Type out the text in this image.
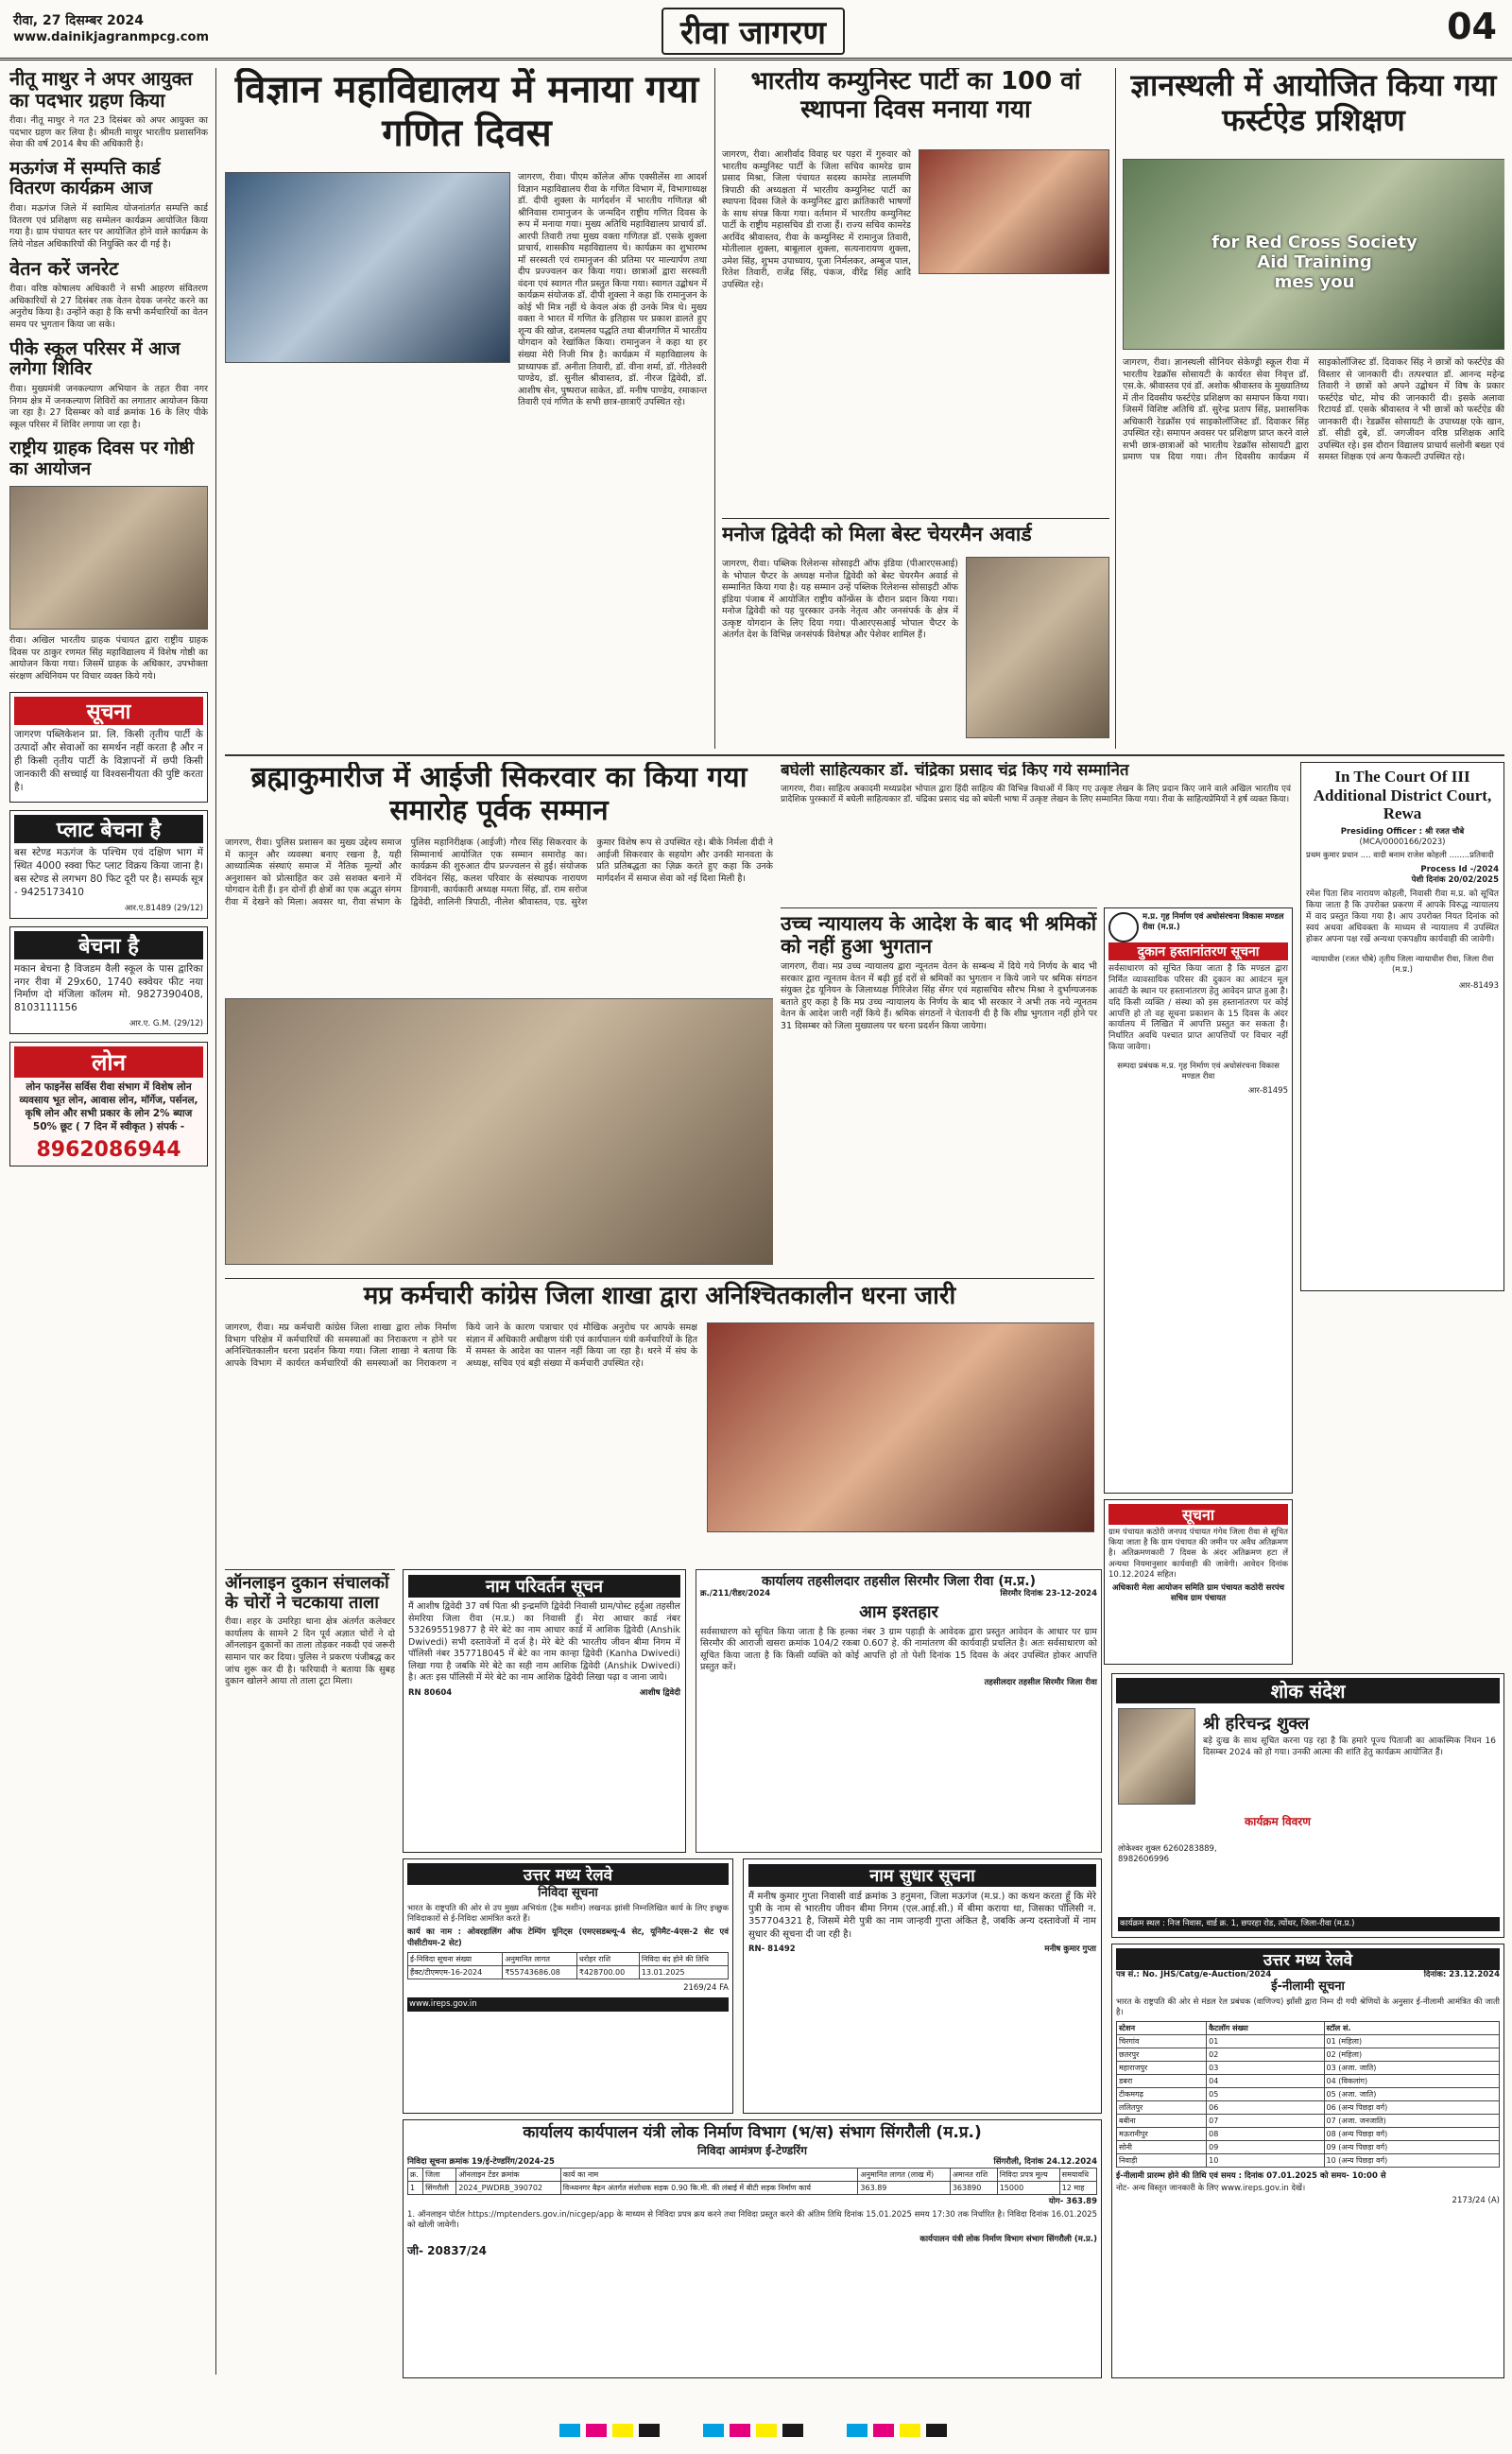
रीवा, 27 दिसम्बर 2024
www.dainikjagranmpcg.com	रीवा जागरण	04
नीतू माथुर ने अपर आयुक्त का पदभार ग्रहण किया

रीवा। नीतू माथुर ने गत 23 दिसंबर को अपर आयुक्त का पदभार ग्रहण कर लिया है। श्रीमती माथुर भारतीय प्रशासनिक सेवा की वर्ष 2014 बैच की अधिकारी है।

मऊगंज में सम्पत्ति कार्ड वितरण कार्यक्रम आज

रीवा। मऊगंज जिले में स्वामित्व योजनांतर्गत सम्पत्ति कार्ड वितरण एवं प्रशिक्षण सह सम्मेलन कार्यक्रम आयोजित किया गया है। ग्राम पंचायत स्तर पर आयोजित होने वाले कार्यक्रम के लिये नोडल अधिकारियों की नियुक्ति कर दी गई है।

वेतन करें जनरेट

रीवा। वरिष्ठ कोषालय अधिकारी ने सभी आहरण संवितरण अधिकारियों से 27 दिसंबर तक वेतन देयक जनरेट करने का अनुरोध किया है। उन्होंने कहा है कि सभी कर्मचारियों का वेतन समय पर भुगतान किया जा सके।

पीके स्कूल परिसर में आज लगेगा शिविर

रीवा। मुख्यमंत्री जनकल्याण अभियान के तहत रीवा नगर निगम क्षेत्र में जनकल्याण शिविरों का लगातार आयोजन किया जा रहा है। 27 दिसम्बर को वार्ड क्रमांक 16 के लिए पीके स्कूल परिसर में शिविर लगाया जा रहा है।

राष्ट्रीय ग्राहक दिवस पर गोष्ठी का आयोजन

रीवा। अखिल भारतीय ग्राहक पंचायत द्वारा राष्ट्रीय ग्राहक दिवस पर ठाकुर रणमत सिंह महाविद्यालय में विशेष गोष्ठी का आयोजन किया गया। जिसमें ग्राहक के अधिकार, उपभोक्ता संरक्षण अधिनियम पर विचार व्यक्त किये गये।

सूचना

जागरण पब्लिकेशन प्रा. लि. किसी तृतीय पार्टी के उत्पादों और सेवाओं का समर्थन नहीं करता है और न ही किसी तृतीय पार्टी के विज्ञापनों में छपी किसी जानकारी की सच्चाई या विश्वसनीयता की पुष्टि करता है।

प्लाट बेचना है

बस स्टेण्ड मऊगंज के पश्चिम एवं दक्षिण भाग में स्थित 4000 स्क्वा फिट प्लाट विक्रय किया जाना है। बस स्टेण्ड से लगभग 80 फिट दूरी पर है। सम्पर्क सूत्र - 9425173410

आर.ए.81489 (29/12)
बेचना है

मकान बेचना है विजडम वैली स्कूल के पास द्वारिका नगर रीवा में 29x60, 1740 स्क्वेयर फीट नया निर्माण दो मंजिला कॉलम मो. 9827390408, 8103111156

आर.ए. G.M. (29/12)
लोन

लोन फाइनेंस सर्विस रीवा संभाग में विशेष लोन व्यवसाय भूत लोन, आवास लोन, मॉर्गेज, पर्सनल, कृषि लोन और सभी प्रकार के लोन 2% ब्याज 50% छूट ( 7 दिन में स्वीकृत ) संपर्क -

8962086944
विज्ञान महाविद्यालय में मनाया गया गणित दिवस

जागरण, रीवा। पीएम कॉलेज ऑफ एक्सीलेंस शा आदर्श विज्ञान महाविद्यालय रीवा के गणित विभाग में, विभागाध्यक्ष डॉ. दीपी शुक्ला के मार्गदर्शन में भारतीय गणितज्ञ श्री श्रीनिवास रामानुजन के जन्मदिन राष्ट्रीय गणित दिवस के रूप में मनाया गया। मुख्य अतिथि महाविद्यालय प्राचार्य डॉ. आरपी तिवारी तथा मुख्य वक्ता गणितज्ञ डॉ. एसके शुक्ला प्राचार्य, शासकीय महाविद्यालय थे। कार्यक्रम का शुभारम्भ माँ सरस्वती एवं रामानुजन की प्रतिमा पर माल्यार्पण तथा दीप प्रज्ज्वलन कर किया गया। छात्राओं द्वारा सरस्वती वंदना एवं स्वागत गीत प्रस्तुत किया गया। स्वागत उद्बोधन में कार्यक्रम संयोजक डॉ. दीपी शुक्ला ने कहा कि रामानुजन के कोई भी मित्र नहीं थे केवल अंक ही उनके मित्र थे। मुख्य वक्ता ने भारत में गणित के इतिहास पर प्रकाश डालते हुए शून्य की खोज, दशमलव पद्धति तथा बीजगणित में भारतीय योगदान को रेखांकित किया। रामानुजन ने कहा था हर संख्या मेरी निजी मित्र है। कार्यक्रम में महाविद्यालय के प्राध्यापक डॉ. अनीता तिवारी, डॉ. वीना शर्मा, डॉ. गीतेश्वरी पाण्डेय, डॉ. सुनील श्रीवास्तव, डॉ. नीरज द्विवेदी, डॉ. आशीष सेन, पुष्पराज साकेत, डॉ. मनीष पाण्डेय, रमाकान्त तिवारी एवं गणित के सभी छात्र-छात्राएँ उपस्थित रहे।

भारतीय कम्युनिस्ट पार्टी का 100 वां स्थापना दिवस मनाया गया

जागरण, रीवा। आशीर्वाद विवाह घर पड़रा में गुरुवार को भारतीय कम्युनिस्ट पार्टी के जिला सचिव कामरेड ग्राम प्रसाद मिश्रा, जिला पंचायत सदस्य कामरेड लालमणि त्रिपाठी की अध्यक्षता में भारतीय कम्युनिस्ट पार्टी का स्थापना दिवस जिले के कम्युनिस्ट द्वारा क्रांतिकारी भाषणों के साथ संपन्न किया गया। वर्तमान में भारतीय कम्युनिस्ट पार्टी के राष्ट्रीय महासचिव डी राजा हैं। राज्य सचिव कामरेड अरविंद श्रीवास्तव, रीवा के कम्युनिस्ट में रामानुज तिवारी, मोतीलाल शुक्ला, बाबूलाल शुक्ला, सत्यनारायण शुक्ला, उमेश सिंह, शुभम उपाध्याय, पूजा निर्मलकर, अम्बुज पाल, रितेश तिवारी, राजेंद्र सिंह, पंकज, वीरेंद्र सिंह आदि उपस्थित रहे।

मनोज द्विवेदी को मिला बेस्ट चेयरमैन अवार्ड

जागरण, रीवा। पब्लिक रिलेशन्स सोसाइटी ऑफ इंडिया (पीआरएसआई) के भोपाल चैप्टर के अध्यक्ष मनोज द्विवेदी को बेस्ट चेयरमैन अवार्ड से सम्मानित किया गया है। यह सम्मान उन्हें पब्लिक रिलेशन्स सोसाइटी ऑफ इंडिया पंजाब में आयोजित राष्ट्रीय कॉन्फ्रेंस के दौरान प्रदान किया गया। मनोज द्विवेदी को यह पुरस्कार उनके नेतृत्व और जनसंपर्क के क्षेत्र में उत्कृष्ट योगदान के लिए दिया गया। पीआरएसआई भोपाल चैप्टर के अंतर्गत देश के विभिन्न जनसंपर्क विशेषज्ञ और पेशेवर शामिल हैं।

ज्ञानस्थली में आयोजित किया गया फर्स्टऐड प्रशिक्षण
for Red Cross Society
Aid Training
mes you

जागरण, रीवा। ज्ञानस्थली सीनियर सेकेण्ड्री स्कूल रीवा में भारतीय रेडक्रॉस सोसायटी के कार्यरत सेवा निवृत्त डॉ. एस.के. श्रीवास्तव एवं डॉ. अशोक श्रीवास्तव के मुख्यातिथ्य में तीन दिवसीय फर्स्टऐड प्रशिक्षण का समापन किया गया। जिसमें विशिष्ट अतिथि डॉ. सुरेन्द्र प्रताप सिंह, प्रशासनिक अधिकारी रेडक्रॉस एवं साइकोलॉजिस्ट डॉ. दिवाकर सिंह उपस्थित रहे। समापन अवसर पर प्रशिक्षण प्राप्त करने वाले सभी छात्र-छात्राओं को भारतीय रेडक्रॉस सोसायटी द्वारा प्रमाण पत्र दिया गया। तीन दिवसीय कार्यक्रम में साइकोलॉजिस्ट डॉ. दिवाकर सिंह ने छात्रों को फर्स्टऐड की विस्तार से जानकारी दी। तत्पश्चात डॉ. आनन्द महेन्द्र तिवारी ने छात्रों को अपने उद्बोधन में विष के प्रकार फर्स्टऐड चोट, मोच की जानकारी दी। इसके अलावा रिटायर्ड डॉ. एसके श्रीवास्तव ने भी छात्रों को फर्स्टऐड की जानकारी दी। रेडक्रॉस सोसायटी के उपाध्यक्ष एके खान, डॉ. सीडी दुबे, डॉ. जगजीवन वरिष्ठ प्रशिक्षक आदि उपस्थित रहे। इस दौरान विद्यालय प्राचार्य सलोनी बख्श एवं समस्त शिक्षक एवं अन्य फैकल्टी उपस्थित रहे।

ब्रह्माकुमारीज में आईजी सिकरवार का किया गया समारोह पूर्वक सम्मान

जागरण, रीवा। पुलिस प्रशासन का मुख्य उद्देश्य समाज में कानून और व्यवस्था बनाए रखना है, यही आध्यात्मिक संस्थाएं समाज में नैतिक मूल्यों और अनुशासन को प्रोत्साहित कर उसे सशक्त बनाने में योगदान देती हैं। इन दोनों ही क्षेत्रों का एक अद्भुत संगम रीवा में देखने को मिला। अवसर था, रीवा संभाग के पुलिस महानिरीक्षक (आईजी) गौरव सिंह सिकरवार के सिम्मानार्थ आयोजित एक सम्मान समारोह का। कार्यक्रम की शुरुआत दीप प्रज्ज्वलन से हुई। संयोजक रविनंदन सिंह, कलश परिवार के संस्थापक नारायण डिगवानी, कार्यकारी अध्यक्ष ममता सिंह, डॉ. राम सरोज द्विवेदी, शालिनी त्रिपाठी, नीलेश श्रीवास्तव, एड. सुरेश कुमार विशेष रूप से उपस्थित रहे। बीके निर्मला दीदी ने आईजी सिकरवार के सहयोग और उनकी मानवता के प्रति प्रतिबद्धता का ज़िक्र करते हुए कहा कि उनके मार्गदर्शन में समाज सेवा को नई दिशा मिली है।

बघेली साहित्यकार डॉ. चंद्रिका प्रसाद चंद्र किए गये सम्मानित

जागरण, रीवा। साहित्य अकादमी मध्यप्रदेश भोपाल द्वारा हिंदी साहित्य की विभिन्न विधाओं में किए गए उत्कृष्ट लेखन के लिए प्रदान किए जाने वाले अखिल भारतीय एवं प्रादेशिक पुरस्कारों में बघेली साहित्यकार डॉ. चंद्रिका प्रसाद चंद्र को बघेली भाषा में उत्कृष्ट लेखन के लिए सम्मानित किया गया। रीवा के साहित्यप्रेमियों ने हर्ष व्यक्त किया।

In The Court Of III Additional District Court, Rewa
Presiding Officer : श्री रजत चौबे
(MCA/0000166/2023)
प्रथम कुमार प्रधान .... वादी बनाम राजेश कोहली ........प्रतिवादी
Process Id -/2024
पेशी दिनांक 20/02/2025

रमेश पिता शिव नारायण कोहली, निवासी रीवा म.प्र. को सूचित किया जाता है कि उपरोक्त प्रकरण में आपके विरुद्ध न्यायालय में वाद प्रस्तुत किया गया है। आप उपरोक्त नियत दिनांक को स्वयं अथवा अधिवक्ता के माध्यम से न्यायालय में उपस्थित होकर अपना पक्ष रखें अन्यथा एकपक्षीय कार्यवाही की जावेगी।

न्यायाधीश (रजत चौबे) तृतीय जिला न्यायाधीश रीवा, जिला रीवा (म.प्र.)
आर-81493
उच्च न्यायालय के आदेश के बाद भी श्रमिकों को नहीं हुआ भुगतान

जागरण, रीवा। मप्र उच्च न्यायालय द्वारा न्यूनतम वेतन के सम्बन्ध में दिये गये निर्णय के बाद भी सरकार द्वारा न्यूनतम वेतन में बढ़ी हुई दरों से श्रमिकों का भुगतान न किये जाने पर श्रमिक संगठन संयुक्त ट्रेड यूनियन के जिलाध्यक्ष गिरिजेश सिंह सेंगर एवं महासचिव सौरभ मिश्रा ने दुर्भाग्यजनक बताते हुए कहा है कि मप्र उच्च न्यायालय के निर्णय के बाद भी सरकार ने अभी तक नये न्यूनतम वेतन के आदेश जारी नहीं किये हैं। श्रमिक संगठनों ने चेतावनी दी है कि शीघ्र भुगतान नहीं होने पर 31 दिसम्बर को जिला मुख्यालय पर धरना प्रदर्शन किया जायेगा।

म.प्र. गृह निर्माण एवं अधोसंरचना विकास मण्डल रीवा (म.प्र.)
दुकान हस्तानांतरण सूचना

सर्वसाधारण को सूचित किया जाता है कि मण्डल द्वारा निर्मित व्यावसायिक परिसर की दुकान का आवंटन मूल आवंटी के स्थान पर हस्तानांतरण हेतु आवेदन प्राप्त हुआ है। यदि किसी व्यक्ति / संस्था को इस हस्तानांतरण पर कोई आपत्ति हो तो वह सूचना प्रकाशन के 15 दिवस के अंदर कार्यालय में लिखित में आपत्ति प्रस्तुत कर सकता है। निर्धारित अवधि पश्चात प्राप्त आपत्तियों पर विचार नहीं किया जावेगा।

सम्पदा प्रबंधक म.प्र. गृह निर्माण एवं अधोसंरचना विकास मण्डल रीवा
आर-81495
मप्र कर्मचारी कांग्रेस जिला शाखा द्वारा अनिश्चितकालीन धरना जारी

जागरण, रीवा। मप्र कर्मचारी कांग्रेस जिला शाखा द्वारा लोक निर्माण विभाग परिक्षेत्र में कर्मचारियों की समस्याओं का निराकरण न होने पर अनिश्चितकालीन धरना प्रदर्शन किया गया। जिला शाखा ने बताया कि आपके विभाग में कार्यरत कर्मचारियों की समस्याओं का निराकरण न किये जाने के कारण पत्राचार एवं मौखिक अनुरोध पर आपके समक्ष संज्ञान में अधिकारी अधीक्षण यंत्री एवं कार्यपालन यंत्री कर्मचारियों के हित में समस्त के आदेश का पालन नहीं किया जा रहा है। धरने में संघ के अध्यक्ष, सचिव एवं बड़ी संख्या में कर्मचारी उपस्थित रहे।

सूचना

ग्राम पंचायत कठोरी जनपद पंचायत गंगेव जिला रीवा से सूचित किया जाता है कि ग्राम पंचायत की जमीन पर अवैध अतिक्रमण है। अतिक्रमणकारी 7 दिवस के अंदर अतिक्रमण हटा लें अन्यथा नियमानुसार कार्यवाही की जावेगी। आवेदन दिनांक 10.12.2024 सहित।

अधिकारी मेला आयोजन समिति ग्राम पंचायत कठोरी सरपंच सचिव ग्राम पंचायत
ऑनलाइन दुकान संचालकों के चोरों ने चटकाया ताला

रीवा। शहर के उमरिहा धाना क्षेत्र अंतर्गत कलेक्टर कार्यालय के सामने 2 दिन पूर्व अज्ञात चोरों ने दो ऑनलाइन दुकानों का ताला तोड़कर नकदी एवं जरूरी सामान पार कर दिया। पुलिस ने प्रकरण पंजीबद्ध कर जांच शुरू कर दी है। फरियादी ने बताया कि सुबह दुकान खोलने आया तो ताला टूटा मिला।

नाम परिवर्तन सूचन

मैं आशीष द्विवेदी 37 वर्ष पिता श्री इन्द्रमणि द्विवेदी निवासी ग्राम/पोस्ट हर्दुआ तहसील सेमरिया जिला रीवा (म.प्र.) का निवासी हूँ। मेरा आधार कार्ड नंबर 532695519877 है मेरे बेटे का नाम आधार कार्ड में आशिक द्विवेदी (Anshik Dwivedi) सभी दस्तावेजों में दर्ज है। मेरे बेटे की भारतीय जीवन बीमा निगम में पॉलिसी नंबर 357718045 में बेटे का नाम कान्हा द्विवेदी (Kanha Dwivedi) लिखा गया है जबकि मेरे बेटे का सही नाम आशिक द्विवेदी (Anshik Dwivedi) है। अतः इस पॉलिसी में मेरे बेटे का नाम आशिक द्विवेदी लिखा पढ़ा व जाना जाये।

RN 80604	आशीष द्विवेदी
कार्यालय तहसीलदार तहसील सिरमौर जिला रीवा (म.प्र.)
क्र./211/रीडर/2024	सिरमौर दिनांक 23-12-2024
आम इश्तहार

सर्वसाधारण को सूचित किया जाता है कि हल्का नंबर 3 ग्राम पहाड़ी के आवेदक द्वारा प्रस्तुत आवेदन के आधार पर ग्राम सिरमौर की आराजी खसरा क्रमांक 104/2 रकबा 0.607 हे. की नामांतरण की कार्यवाही प्रचलित है। अतः सर्वसाधारण को सूचित किया जाता है कि किसी व्यक्ति को कोई आपत्ति हो तो पेशी दिनांक 15 दिवस के अंदर उपस्थित होकर आपत्ति प्रस्तुत करें।

तहसीलदार तहसील सिरमौर जिला रीवा	शोक संदेश
श्री हरिचन्द्र शुक्ल

बड़े दुःख के साथ सूचित करना पड़ रहा है कि हमारे पूज्य पिताजी का आकस्मिक निधन 16 दिसम्बर 2024 को हो गया। उनकी आत्मा की शांति हेतु कार्यक्रम आयोजित हैं।

कार्यक्रम विवरण
लोकेश्वर शुक्ल 6260283889, 8982606996
कार्यक्रम स्थल : निज निवास, वार्ड क्र. 1, छपरहा रोड, त्योंथर, जिला-रीवा (म.प्र.)
उत्तर मध्य रेलवे
निविदा सूचना

भारत के राष्ट्रपति की ओर से उप मुख्य अभियंता (ट्रैक मशीन) लखनऊ झांसी निम्नलिखित कार्य के लिए इच्छुक निविदाकारों से ई-निविदा आमंत्रित करते हैं।

कार्य का नाम : ओवरहालिंग ऑफ टेम्पिंग यूनिट्स (एमएसडब्ल्यू-4 सेट, यूनिमैट-4एस-2 सेट एवं पीसीटीयम-2 सेट)

ई-निविदा सूचना संख्या	अनुमानित लागत	धरोहर राशि	निविदा बंद होने की तिथि
हैंक्ट/टीएमएम-16-2024	₹55743686.08	₹428700.00	13.01.2025
2169/24 FA
www.ireps.gov.in
नाम सुधार सूचना

मैं मनीष कुमार गुप्ता निवासी वार्ड क्रमांक 3 हनुमना, जिला मऊगंज (म.प्र.) का कथन करता हूँ कि मेरे पुत्री के नाम से भारतीय जीवन बीमा निगम (एल.आई.सी.) में बीमा कराया था, जिसका पॉलिसी न. 357704321 है, जिसमें मेरी पुत्री का नाम जान्हवी गुप्ता अंकित है, जबकि अन्य दस्तावेजों में नाम सुधार की सूचना दी जा रही है।

RN- 81492	मनीष कुमार गुप्ता
उत्तर मध्य रेलवे
पत्र सं.: No. JHS/Catg/e-Auction/2024	दिनांक: 23.12.2024
ई-नीलामी सूचना

भारत के राष्ट्रपति की ओर से मंडल रेल प्रबंधक (वाणिज्य) झाँसी द्वारा निम्न दी गयी श्रेणियों के अनुसार ई-नीलामी आमंत्रित की जाती है।

स्टेशन	कैटलॉग संख्या	स्टॉल सं.
चिरगांव	01	01 (महिला)
छतरपुर	02	02 (महिला)
महाराजपुर	03	03 (अजा. जाति)
डबरा	04	04 (विकलांग)
टीकमगढ़	05	05 (अजा. जाति)
ललितपुर	06	06 (अन्य पिछड़ा वर्ग)
बबीना	07	07 (अजा. जनजाति)
मऊरानीपुर	08	08 (अन्य पिछड़ा वर्ग)
सोनी	09	09 (अन्य पिछड़ा वर्ग)
निवाड़ी	10	10 (अन्य पिछड़ा वर्ग)
ई-नीलामी प्रारम्भ होने की तिथि एवं समय : दिनांक 07.01.2025 को समय- 10:00 से
नोट- अन्य विस्तृत जानकारी के लिए www.ireps.gov.in देखें।
2173/24 (A)
कार्यालय कार्यपालन यंत्री लोक निर्माण विभाग (भ/स) संभाग सिंगरौली (म.प्र.)
निविदा आमंत्रण ई-टेण्डरिंग
निविदा सूचना क्रमांक 19/ई-टेण्डरिंग/2024-25	सिंगरौली, दिनांक 24.12.2024
क्र.	जिला	ऑनलाइन टेंडर क्रमांक	कार्य का नाम	अनुमानित लागत (लाख में)	अमानत राशि	निविदा प्रपत्र मूल्य	समयावधि
1	सिंगरौली	2024_PWDRB_390702	विन्ध्यनगर बैढ़न अंतर्गत संशोधक सड़क 0.90 कि.मी. की लंबाई में बीटी सड़क निर्माण कार्य	363.89	363890	15000	12 माह
योग- 363.89

1. ऑनलाइन पोर्टल https://mptenders.gov.in/nicgep/app के माध्यम से निविदा प्रपत्र क्रय करने तथा निविदा प्रस्तुत करने की अंतिम तिथि दिनांक 15.01.2025 समय 17:30 तक निर्धारित है। निविदा दिनांक 16.01.2025 को खोली जावेगी।

कार्यपालन यंत्री लोक निर्माण विभाग संभाग सिंगरौली (म.प्र.)
जी- 20837/24
